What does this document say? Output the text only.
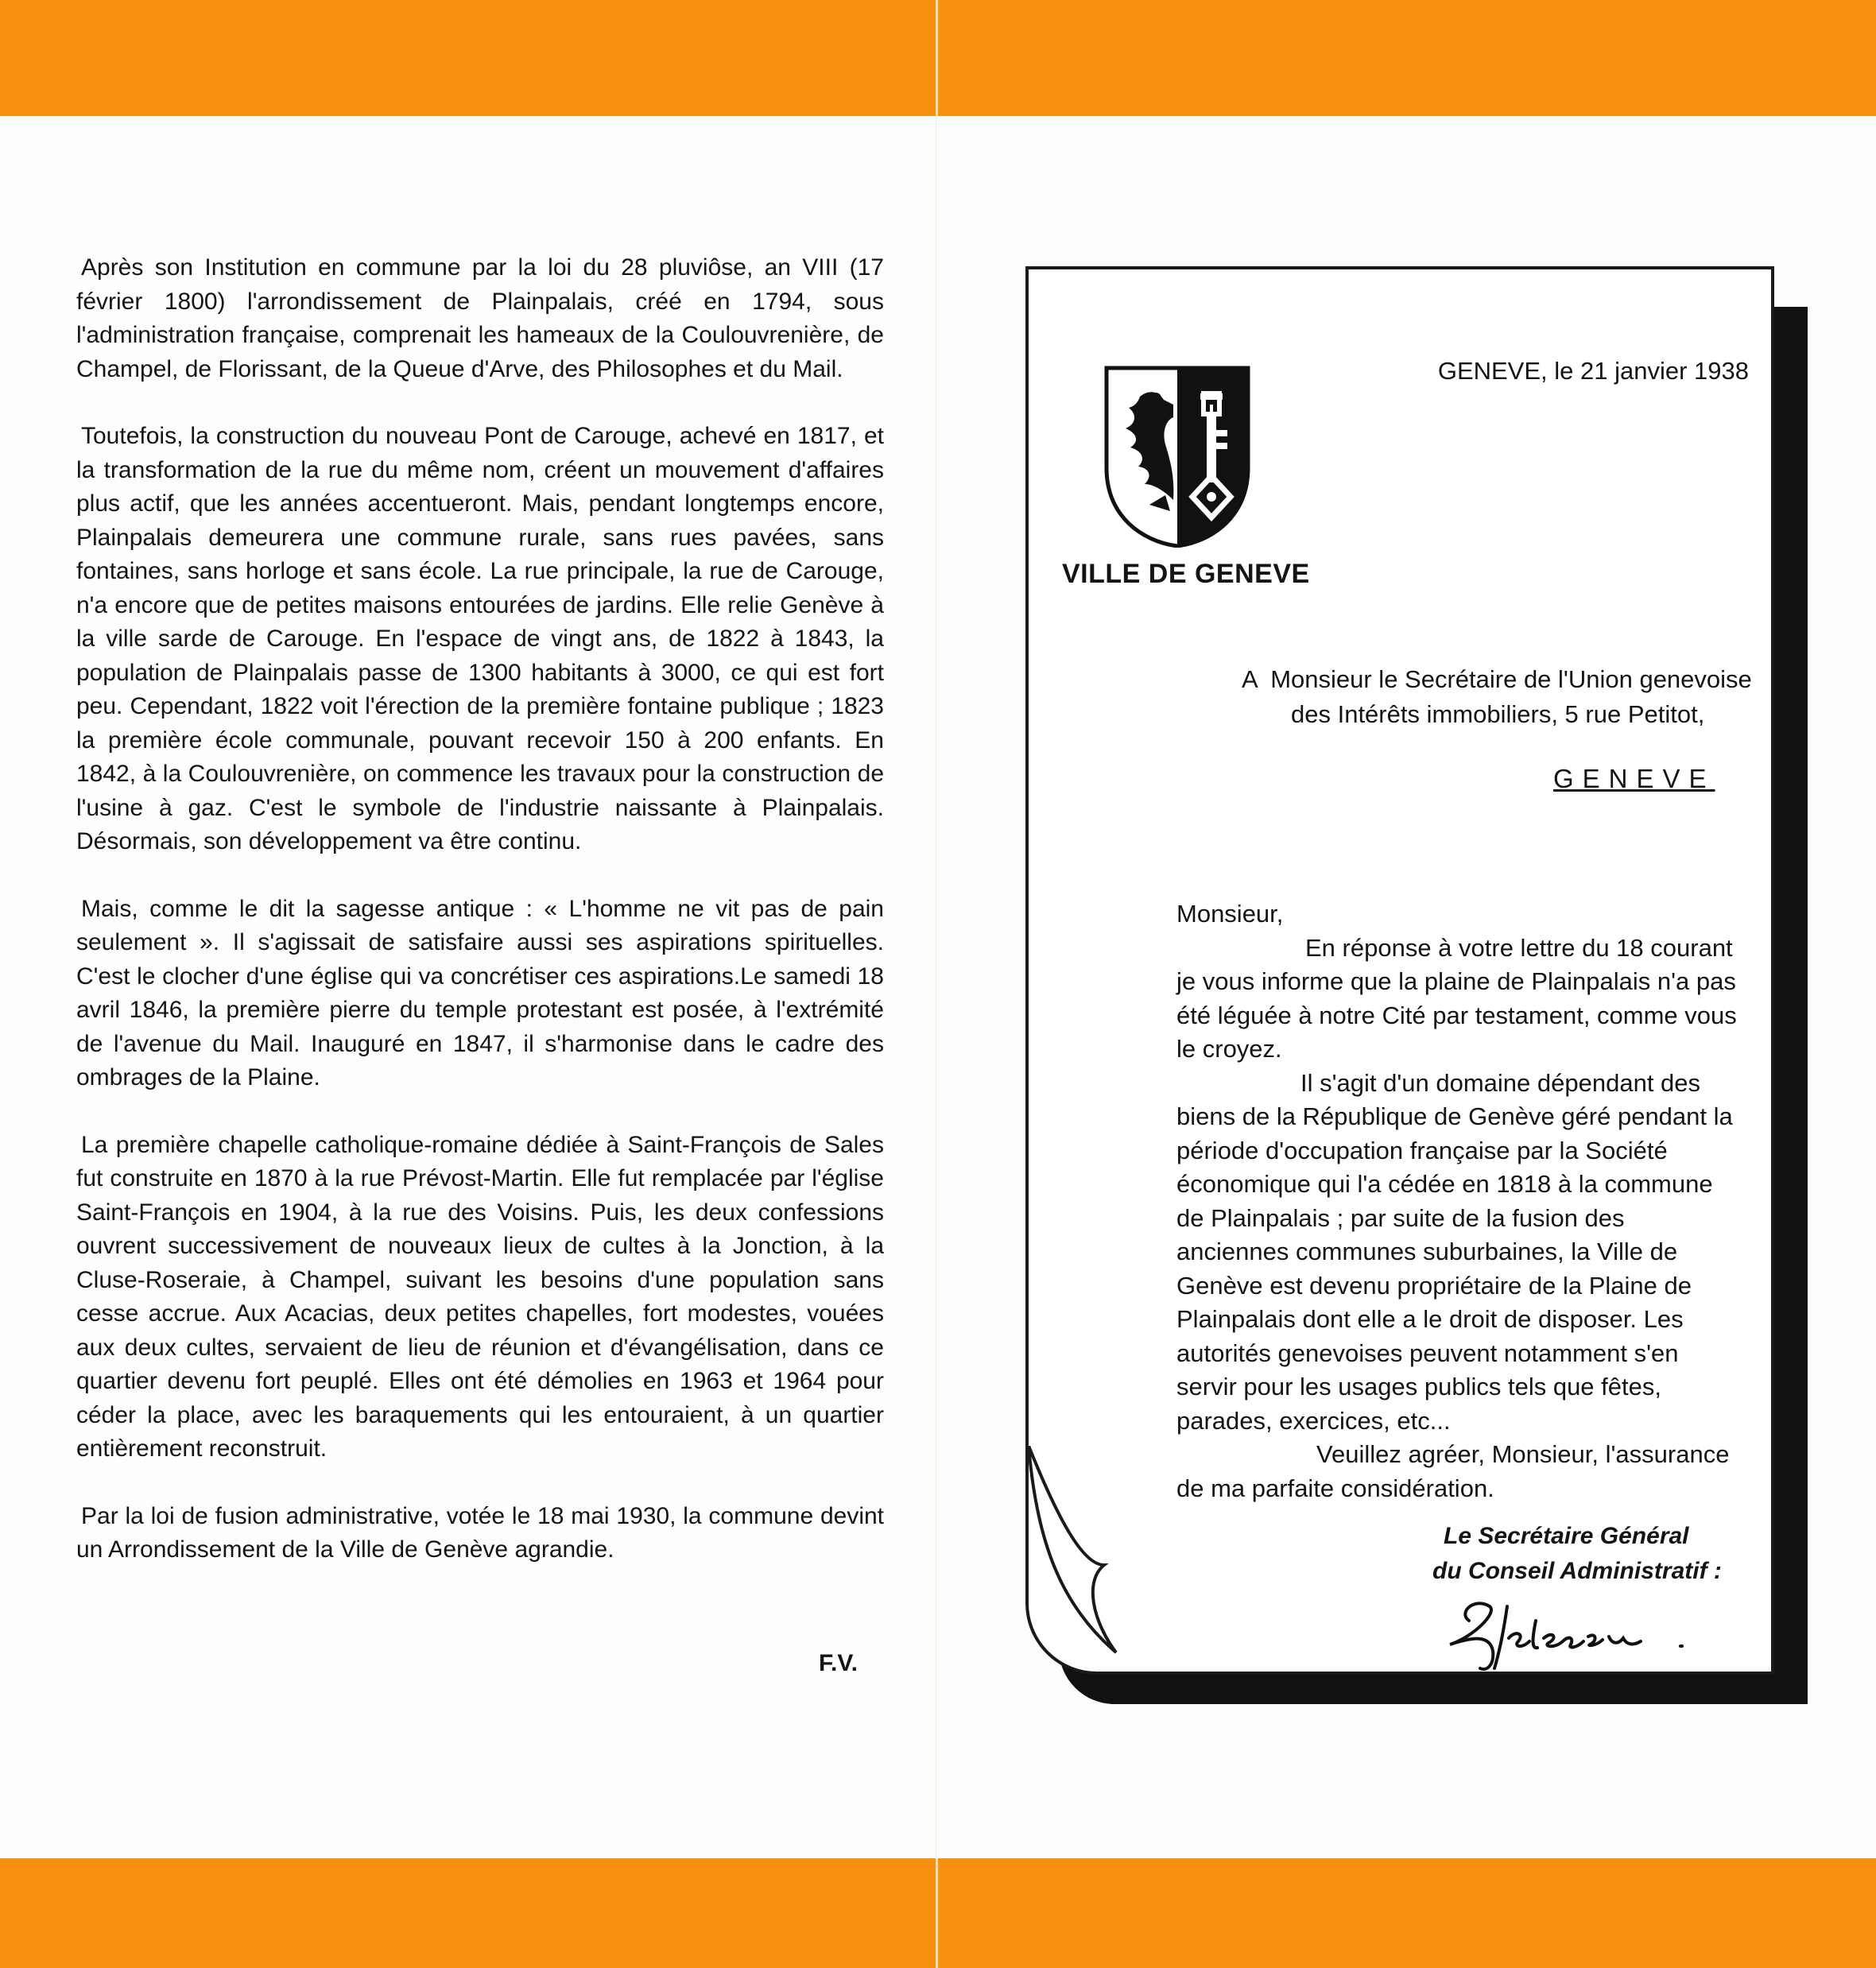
Après son Institution en commune par la loi du 28 pluviôse, an VIII (17 février 1800) l'arrondissement de Plainpalais, créé en 1794, sous l'administration française, comprenait les hameaux de la Coulouvrenière, de Champel, de Florissant, de la Queue d'Arve, des Philosophes et du Mail.

Toutefois, la construction du nouveau Pont de Carouge, achevé en 1817, et la transformation de la rue du même nom, créent un mouvement d'affaires plus actif, que les années accentueront. Mais, pendant longtemps encore, Plainpalais demeurera une commune rurale, sans rues pavées, sans fontaines, sans horloge et sans école. La rue principale, la rue de Carouge, n'a encore que de petites maisons entourées de jardins. Elle relie Genève à la ville sarde de Carouge. En l'espace de vingt ans, de 1822 à 1843, la population de Plainpalais passe de 1300 habitants à 3000, ce qui est fort peu. Cependant, 1822 voit l'érection de la première fontaine publique ; 1823 la première école communale, pouvant recevoir 150 à 200 enfants. En 1842, à la Coulouvrenière, on commence les travaux pour la construction de l'usine à gaz. C'est le symbole de l'industrie naissante à Plainpalais. Désormais, son développement va être continu.

Mais, comme le dit la sagesse antique : « L'homme ne vit pas de pain seulement ». Il s'agissait de satisfaire aussi ses aspirations spirituelles. C'est le clocher d'une église qui va concrétiser ces aspirations.Le samedi 18 avril 1846, la première pierre du temple protestant est posée, à l'extrémité de l'avenue du Mail. Inauguré en 1847, il s'harmonise dans le cadre des ombrages de la Plaine.

La première chapelle catholique-romaine dédiée à Saint-François de Sales fut construite en 1870 à la rue Prévost-Martin. Elle fut remplacée par l'église Saint-François en 1904, à la rue des Voisins. Puis, les deux confessions ouvrent successivement de nouveaux lieux de cultes à la Jonction, à la Cluse-Roseraie, à Champel, suivant les besoins d'une population sans cesse accrue. Aux Acacias, deux petites chapelles, fort modestes, vouées aux deux cultes, servaient de lieu de réunion et d'évangélisation, dans ce quartier devenu fort peuplé. Elles ont été démolies en 1963 et 1964 pour céder la place, avec les baraquements qui les entouraient, à un quartier entièrement reconstruit.

Par la loi de fusion administrative, votée le 18 mai 1930, la commune devint un Arrondissement de la Ville de Genève agrandie.

F.V.
VILLE DE GENEVE
GENEVE, le 21 janvier 1938
A  Monsieur le Secrétaire de l'Union genevoise
des Intérêts immobiliers, 5 rue Petitot,
GENEVE

Monsieur,

En réponse à votre lettre du 18 courant

je vous informe que la plaine de Plainpalais n'a pas été léguée à notre Cité par testament, comme vous le croyez.

Il s'agit d'un domaine dépendant des

biens de la République de Genève géré pendant la période d'occupation française par la Société économique qui l'a cédée en 1818 à la commune de Plainpalais ; par suite de la fusion des anciennes communes suburbaines, la Ville de Genève est devenu propriétaire de la Plaine de Plainpalais dont elle a le droit de disposer. Les autorités genevoises peuvent notamment s'en servir pour les usages publics tels que fêtes, parades, exercices, etc...

Veuillez agréer, Monsieur, l'assurance

de ma parfaite considération.

Le Secrétaire Général
du Conseil Administratif :
